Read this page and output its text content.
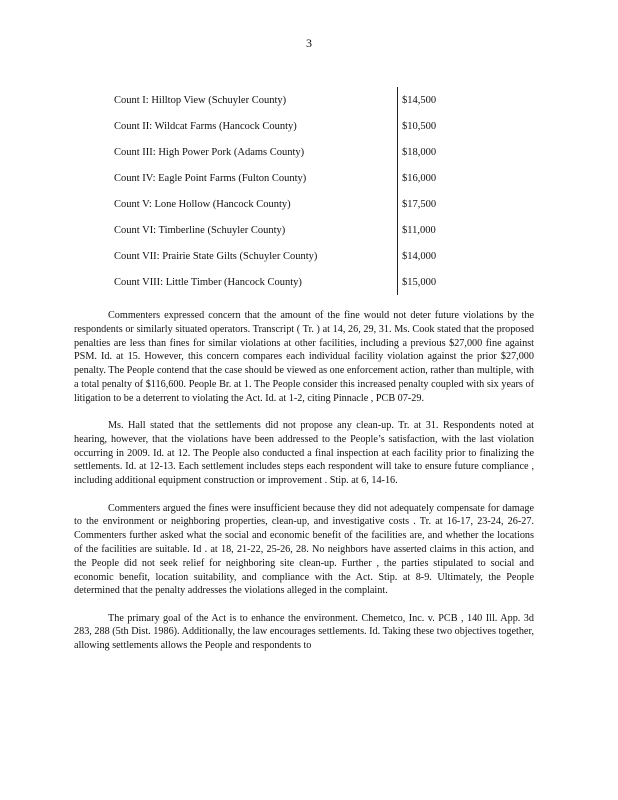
3
Count I: Hilltop View (Schuyler County)	$14,500
Count II: Wildcat Farms (Hancock County)	$10,500
Count III: High Power Pork (Adams County)	$18,000
Count IV: Eagle Point Farms (Fulton County)	$16,000
Count V: Lone Hollow (Hancock County)	$17,500
Count VI: Timberline (Schuyler County)	$11,000
Count VII: Prairie State Gilts (Schuyler County)	$14,000
Count VIII: Little Timber (Hancock County)	$15,000

Commenters expressed concern that the amount of the fine would not deter future violations by the respondents or similarly situated operators. Transcript ( Tr. ) at 14, 26, 29, 31. Ms. Cook stated that the proposed penalties are less than fines for similar violations at other facilities, including a previous $27,000 fine against PSM. Id. at 15. However, this concern compares each individual facility violation against the prior $27,000 penalty. The People contend that the case should be viewed as one enforcement action, rather than multiple, with a total penalty of $116,600. People Br. at 1. The People consider this increased penalty coupled with six years of litigation to be a deterrent to violating the Act. Id. at 1-2, citing Pinnacle , PCB 07-29.

Ms. Hall stated that the settlements did not propose any clean-up. Tr. at 31. Respondents noted at hearing, however, that the violations have been addressed to the People’s satisfaction, with the last violation occurring in 2009. Id. at 12. The People also conducted a final inspection at each facility prior to finalizing the settlements. Id. at 12-13. Each settlement includes steps each respondent will take to ensure future compliance , including additional equipment construction or improvement . Stip. at 6, 14-16.

Commenters argued the fines were insufficient because they did not adequately compensate for damage to the environment or neighboring properties, clean-up, and investigative costs . Tr. at 16-17, 23-24, 26-27. Commenters further asked what the social and economic benefit of the facilities are, and whether the locations of the facilities are suitable. Id . at 18, 21-22, 25-26, 28. No neighbors have asserted claims in this action, and the People did not seek relief for neighboring site clean-up. Further , the parties stipulated to social and economic benefit, location suitability, and compliance with the Act. Stip. at 8-9. Ultimately, the People determined that the penalty addresses the violations alleged in the complaint.

The primary goal of the Act is to enhance the environment. Chemetco, Inc. v. PCB , 140 Ill. App. 3d 283, 288 (5th Dist. 1986). Additionally, the law encourages settlements. Id. Taking these two objectives together, allowing settlements allows the People and respondents to
